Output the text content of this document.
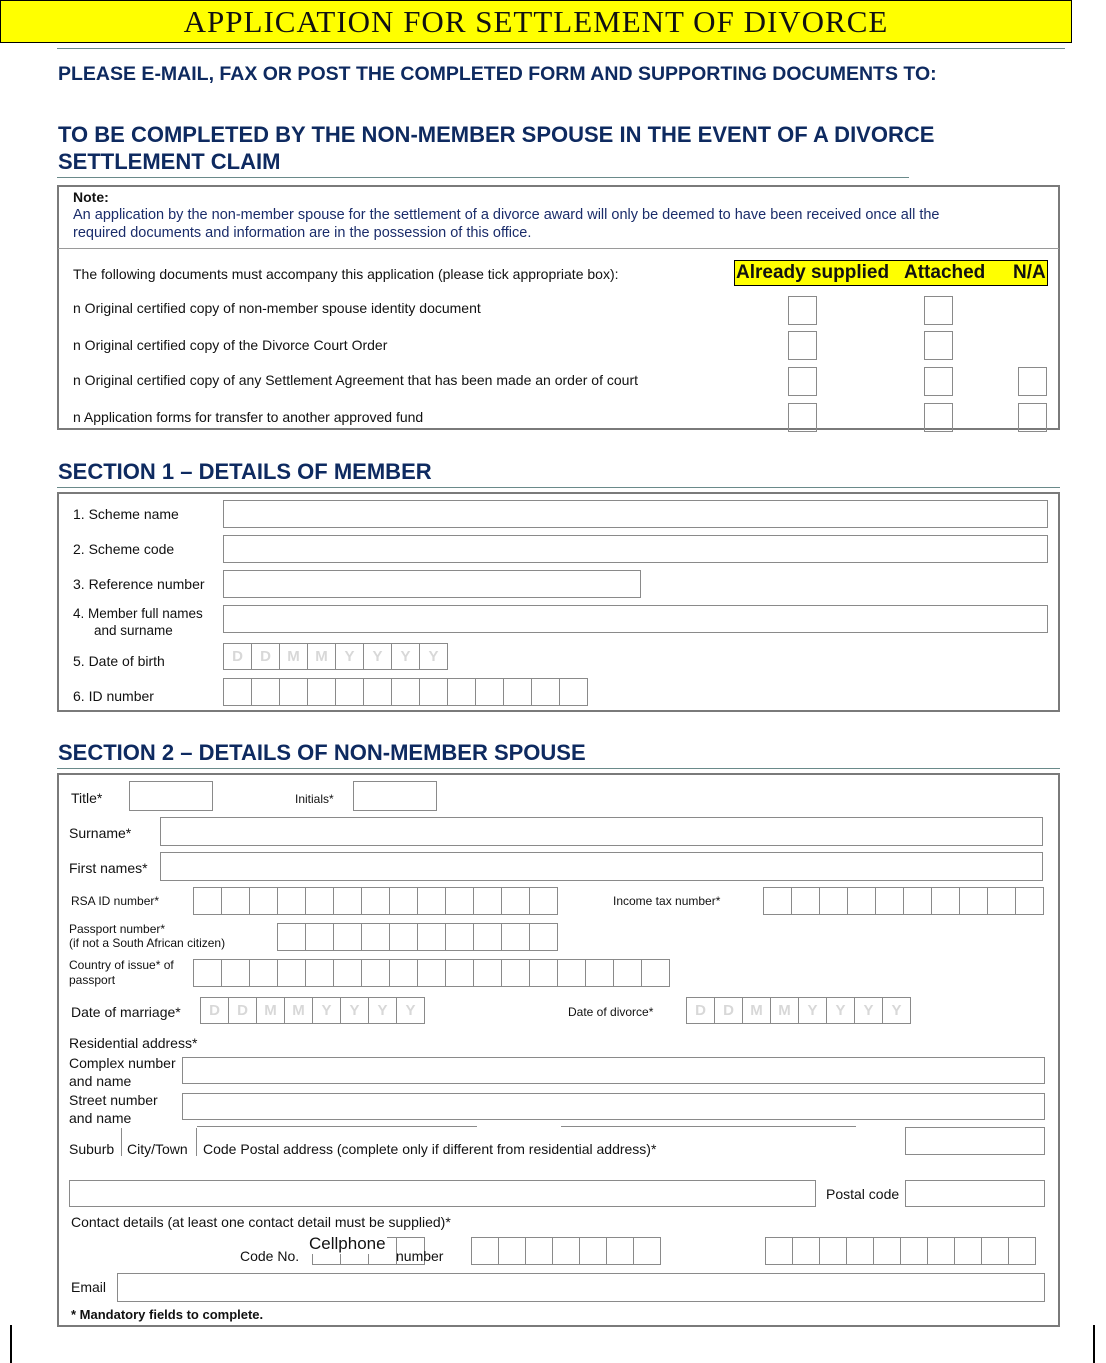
APPLICATION FOR SETTLEMENT OF DIVORCE
PLEASE E-MAIL, FAX OR POST THE COMPLETED FORM AND SUPPORTING DOCUMENTS TO:
TO BE COMPLETED BY THE NON-MEMBER SPOUSE IN THE EVENT OF A DIVORCE
SETTLEMENT CLAIM
Note:
An application by the non-member spouse for the settlement of a divorce award will only be deemed to have been received once all the
required documents and information are in the possession of this office.
The following documents must accompany this application (please tick appropriate box):	Already supplied Attached N/A
n Original certified copy of non-member spouse identity document
n Original certified copy of the Divorce Court Order
n Original certified copy of any Settlement Agreement that has been made an order of court
n Application forms for transfer to another approved fund
SECTION 1 – DETAILS OF MEMBER
1. Scheme name
2. Scheme code
3. Reference number
4. Member full names
and surname
5. Date of birth	D	D	M	M	Y	Y	Y	Y
6. ID number
SECTION 2 – DETAILS OF NON-MEMBER SPOUSE
Title*	Initials*
Surname*
First names*
RSA ID number*	Income tax number*
Passport number*
(if not a South African citizen)
Country of issue* of
passport
Date of marriage*	D	D	M	M	Y	Y	Y	Y	Date of divorce*	D	D	M	M	Y	Y	Y	Y
Residential address*
Complex number
and name
Street number
and name
Suburb City/Town Code Postal address (complete only if different from residential address)*
Postal code
Contact details (at least one contact detail must be supplied)*
Code No.
Cellphone
number
Email
* Mandatory fields to complete.
